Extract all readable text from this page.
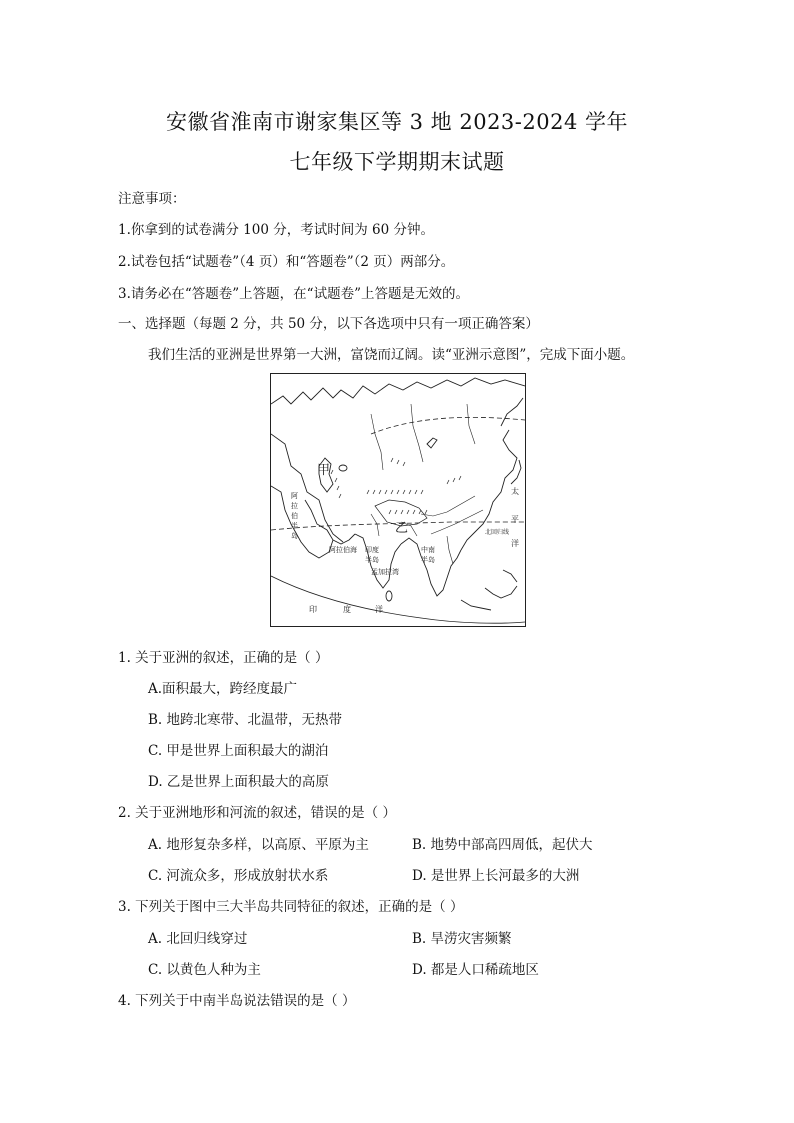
安徽省淮南市谢家集区等 3 地 2023-2024 学年
七年级下学期期末试题
注意事项：
1.你拿到的试卷满分 100 分，考试时间为 60 分钟。
2.试卷包括“试题卷”（4 页）和“答题卷”（2 页）两部分。
3.请务必在“答题卷”上答题，在“试题卷”上答题是无效的。
一、选择题（每题 2 分，共 50 分，以下各选项中只有一项正确答案）
我们生活的亚洲是世界第一大洲，富饶而辽阔。读“亚洲示意图”，完成下面小题。
甲
乙
阿
拉
伯
半
岛
阿拉伯海 印度
半岛
孟加拉湾
中南
半岛
印	度	洋
太
平
洋
北回归线
1. 关于亚洲的叙述，正确的是（ ）
A.面积最大，跨经度最广
B. 地跨北寒带、北温带，无热带
C. 甲是世界上面积最大的湖泊
D. 乙是世界上面积最大的高原
2. 关于亚洲地形和河流的叙述，错误的是（ ）
A. 地形复杂多样，以高原、平原为主	B. 地势中部高四周低，起伏大
C. 河流众多，形成放射状水系	D. 是世界上长河最多的大洲
3. 下列关于图中三大半岛共同特征的叙述，正确的是（ ）
A. 北回归线穿过	B. 旱涝灾害频繁
C. 以黄色人种为主	D. 都是人口稀疏地区
4. 下列关于中南半岛说法错误的是（ ）
